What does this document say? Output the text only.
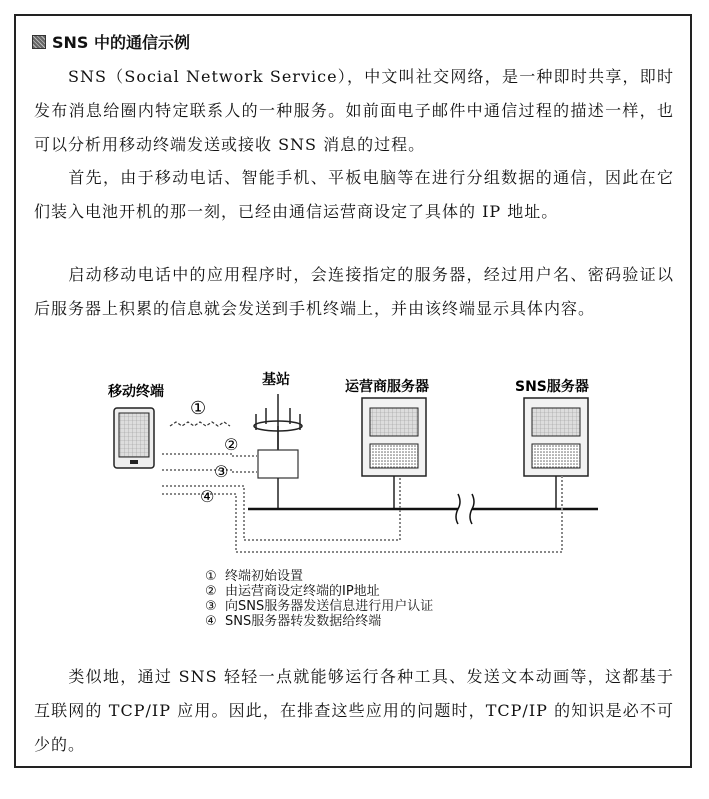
SNS 中的通信示例

SNS（Social Network Service），中文叫社交网络，是一种即时共享，即时发布消息给圈内特定联系人的一种服务。如前面电子邮件中通信过程的描述一样，也可以分析用移动终端发送或接收 SNS 消息的过程。

首先，由于移动电话、智能手机、平板电脑等在进行分组数据的通信，因此在它们装入电池开机的那一刻，已经由通信运营商设定了具体的 IP 地址。

启动移动电话中的应用程序时，会连接指定的服务器，经过用户名、密码验证以后服务器上积累的信息就会发送到手机终端上，并由该终端显示具体内容。

移动终端
基站	运营商服务器	SNS服务器
①
②
③
④
① 终端初始设置
② 由运营商设定终端的IP地址
③ 向SNS服务器发送信息进行用户认证
④ SNS服务器转发数据给终端

类似地，通过 SNS 轻轻一点就能够运行各种工具、发送文本动画等，这都基于互联网的 TCP/IP 应用。因此，在排查这些应用的问题时，TCP/IP 的知识是必不可少的。
